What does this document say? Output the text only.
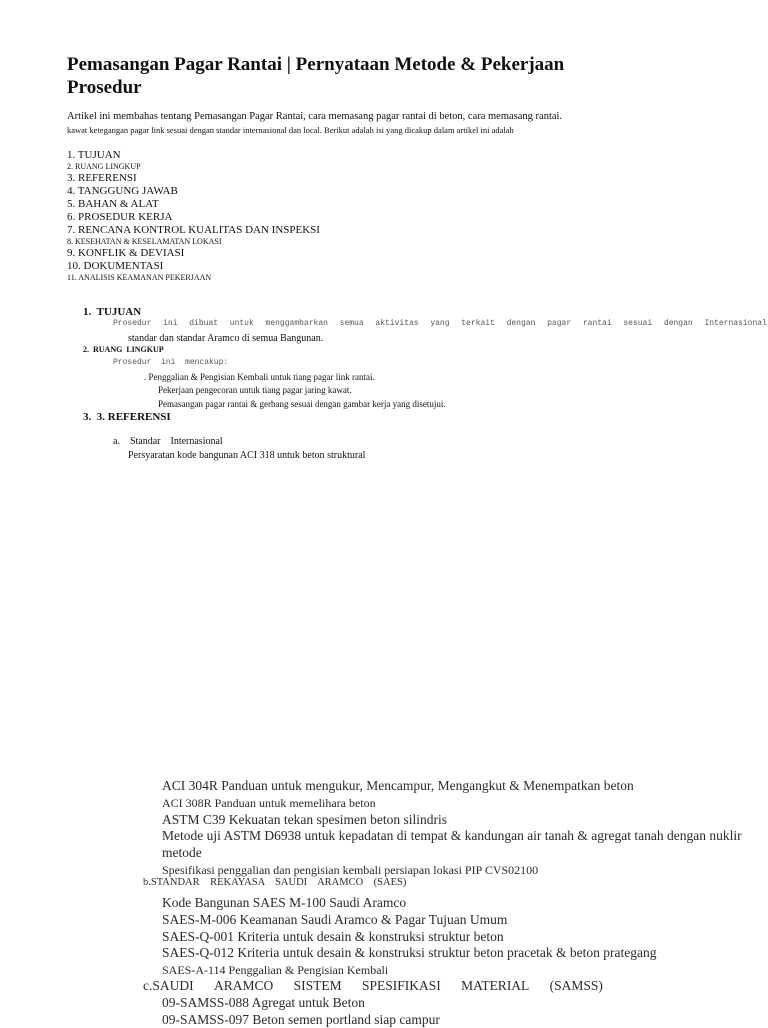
Pemasangan Pagar Rantai | Pernyataan Metode & Pekerjaan Prosedur
Artikel ini membahas tentang Pemasangan Pagar Rantai, cara memasang pagar rantai di beton, cara memasang rantai.
kawat ketegangan pagar link sesuai dengan standar internasional dan local. Berikut adalah isi yang dicakup dalam artikel ini adalah
1. TUJUAN
2. RUANG LINGKUP
3. REFERENSI
4. TANGGUNG JAWAB
5. BAHAN & ALAT
6. PROSEDUR KERJA
7. RENCANA KONTROL KUALITAS DAN INSPEKSI
8. KESEHATAN & KESELAMATAN LOKASI
9. KONFLIK & DEVIASI
10. DOKUMENTASI
11. ANALISIS KEAMANAN PEKERJAAN
1. TUJUAN
Prosedur ini dibuat untuk menggambarkan semua aktivitas yang terkait dengan pagar rantai sesuai dengan Internasional
standar dan standar Aramco di semua Bangunan.
2.  RUANG  LINGKUP
Prosedur  ini  mencakup:
. Penggalian & Pengisian Kembali untuk tiang pagar link rantai.
Pekerjaan pengecoran untuk tiang pagar jaring kawat.
Pemasangan pagar rantai & gerbang sesuai dengan gambar kerja yang disetujui.
3.  3. REFERENSI
a.    Standar    Internasional
Persyaratan kode bangunan ACI 318 untuk beton struktural
ACI 304R Panduan untuk mengukur, Mencampur, Mengangkut & Menempatkan beton
ACI 308R Panduan untuk memelihara beton
ASTM C39 Kekuatan tekan spesimen beton silindris
Metode uji ASTM D6938 untuk kepadatan di tempat & kandungan air tanah & agregat tanah dengan nuklir
metode
Spesifikasi penggalian dan pengisian kembali persiapan lokasi PIP CVS02100
b.STANDAR    REKAYASA    SAUDI    ARAMCO    (SAES)
Kode Bangunan SAES M-100 Saudi Aramco
SAES-M-006 Keamanan Saudi Aramco & Pagar Tujuan Umum
SAES-Q-001 Kriteria untuk desain & konstruksi struktur beton
SAES-Q-012 Kriteria untuk desain & konstruksi struktur beton pracetak & beton prategang
SAES-A-114 Penggalian & Pengisian Kembali
c.SAUDI ARAMCO SISTEM SPESIFIKASI MATERIAL (SAMSS)
09-SAMSS-088 Agregat untuk Beton
09-SAMSS-097 Beton semen portland siap campur
